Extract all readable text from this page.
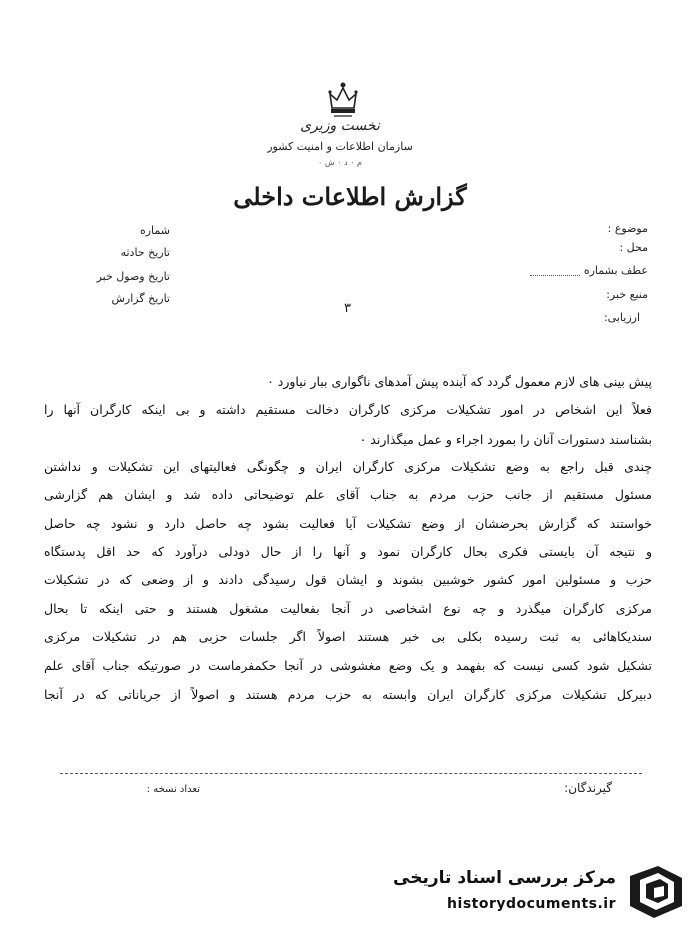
نخست وزیری
سازمان اطلاعات و امنیت کشور
م ۰ د ۰ ش ۰
گزارش اطلاعات داخلی
موضوع :
محل :
عطف بشماره
منبع خبر:
ارزیابی:
شماره
تاریخ حادثه
تاریخ وصول خبر
تاریخ گزارش
۳
پیش بینی های لازم معمول گردد که آینده پیش آمدهای ناگواری ببار نیاورد ۰
فعلاً این اشخاص در امور تشکیلات مرکزی کارگران دخالت مستقیم داشته و بی اینکه کارگران آنها را
بشناسند دستورات آنان را بمورد اجراء و عمل میگذارند ۰
چندی قبل راجع به وضع تشکیلات مرکزی کارگران ایران و چگونگی فعالیتهای این تشکیلات و نداشتن
مسئول مستقیم از جانب حزب مردم به جناب آقای علم توضیحاتی داده شد و ایشان هم گزارشی
خواستند که گزارش بحرضشان از وضع تشکیلات آیا فعالیت بشود چه حاصل دارد و نشود چه حاصل
و نتیجه آن بایستی فکری بحال کارگران نمود و آنها را از حال دودلی درآورد که حد اقل پدستگاه
حزب و مسئولین امور کشور خوشبین بشوند و ایشان قول رسیدگی دادند و از وضعی که در تشکیلات
مرکزی کارگران میگذرد و چه نوع اشخاصی در آنجا بفعالیت مشغول هستند و حتی اینکه تا بحال
سندیکاهائی به ثبت رسیده بکلی بی خبر هستند اصولاً اگر جلسات حزبی هم در تشکیلات مرکزی
تشکیل شود کسی نیست که بفهمد و یک وضع مغشوشی در آنجا حکمفرماست در صورتیکه جناب آقای علم
دبیرکل تشکیلات مرکزی کارگران ایران وابسته به حزب مردم هستند و اصولاً از جریاناتی که در آنجا
گیرندگان:
تعداد نسخه :
مرکز بررسی اسناد تاریخی
historydocuments.ir
